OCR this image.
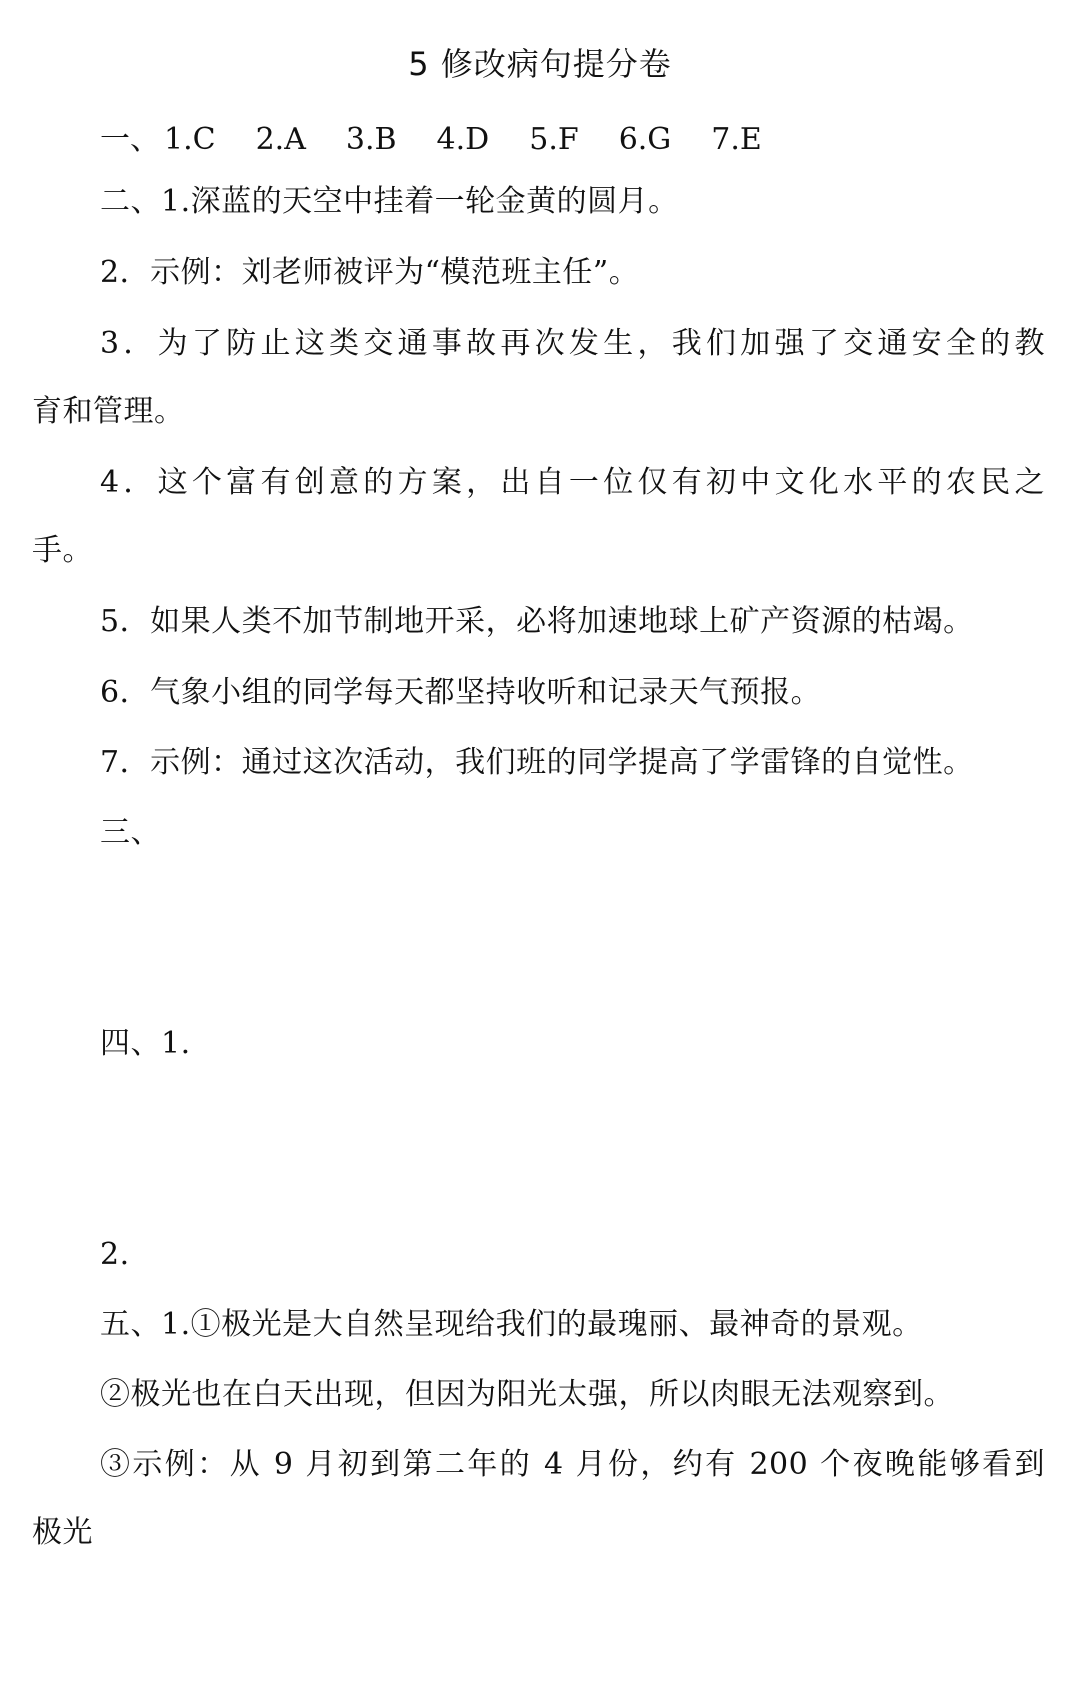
5 修改病句提分卷
一、 1.C 2.A 3.B 4.D 5.F 6.G 7.E
二、1.深蓝的天空中挂着一轮金黄的圆月。
2．示例：刘老师被评为“模范班主任”。
3．为了防止这类交通事故再次发生，我们加强了交通安全的教
育和管理。
4．这个富有创意的方案，出自一位仅有初中文化水平的农民之
手。
5．如果人类不加节制地开采，必将加速地球上矿产资源的枯竭。
6．气象小组的同学每天都坚持收听和记录天气预报。
7．示例：通过这次活动，我们班的同学提高了学雷锋的自觉性。
三、
四、1.
2.
五、1.①极光是大自然呈现给我们的最瑰丽、最神奇的景观。
②极光也在白天出现，但因为阳光太强，所以肉眼无法观察到。
③示例：从 9 月初到第二年的 4 月份，约有 200 个夜晚能够看到
极光
